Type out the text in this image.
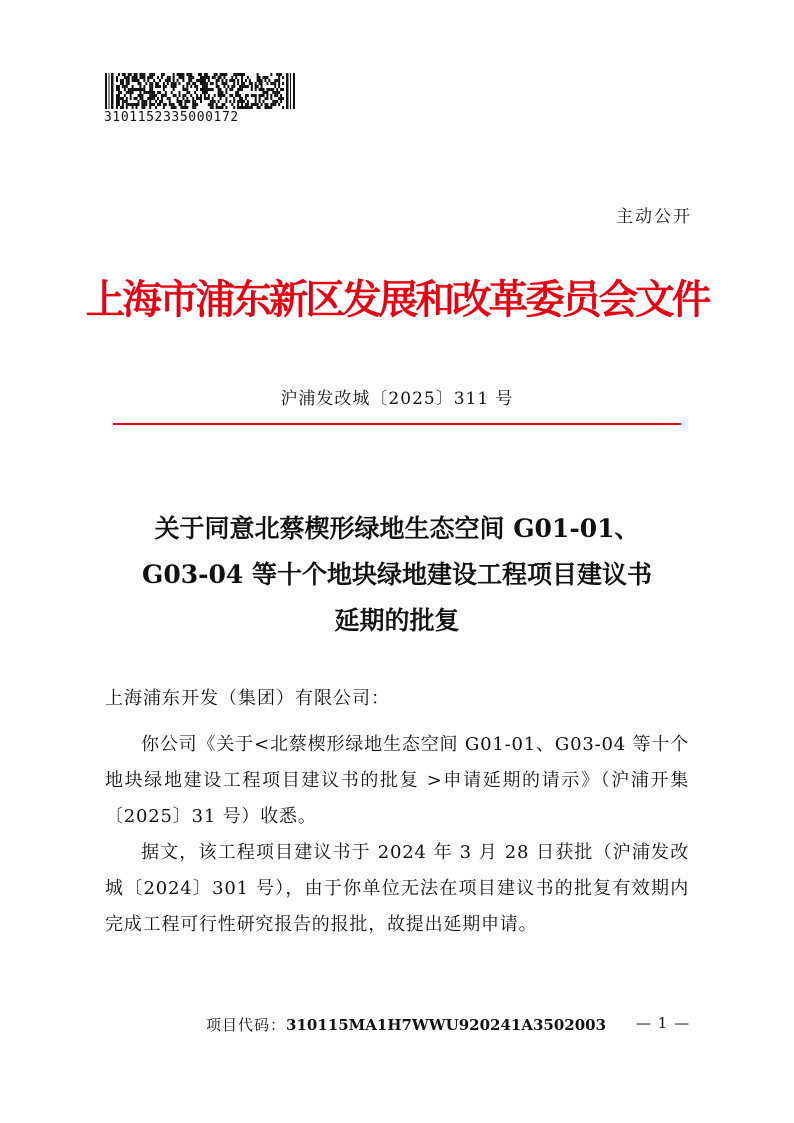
3101152335000172
主动公开
上海市浦东新区发展和改革委员会文件
沪浦发改城〔2025〕311 号
关于同意北蔡楔形绿地生态空间 G01-01、
G03-04 等十个地块绿地建设工程项目建议书
延期的批复
上海浦东开发（集团）有限公司：
你公司《关于<北蔡楔形绿地生态空间 G01-01、G03-04 等十个地块绿地建设工程项目建议书的批复 >申请延期的请示》（沪浦开集〔2025〕31 号）收悉。
据文，该工程项目建议书于 2024 年 3 月 28 日获批（沪浦发改城〔2024〕301 号），由于你单位无法在项目建议书的批复有效期内完成工程可行性研究报告的报批，故提出延期申请。
项目代码：310115MA1H7WWU920241A3502003 — 1 —
